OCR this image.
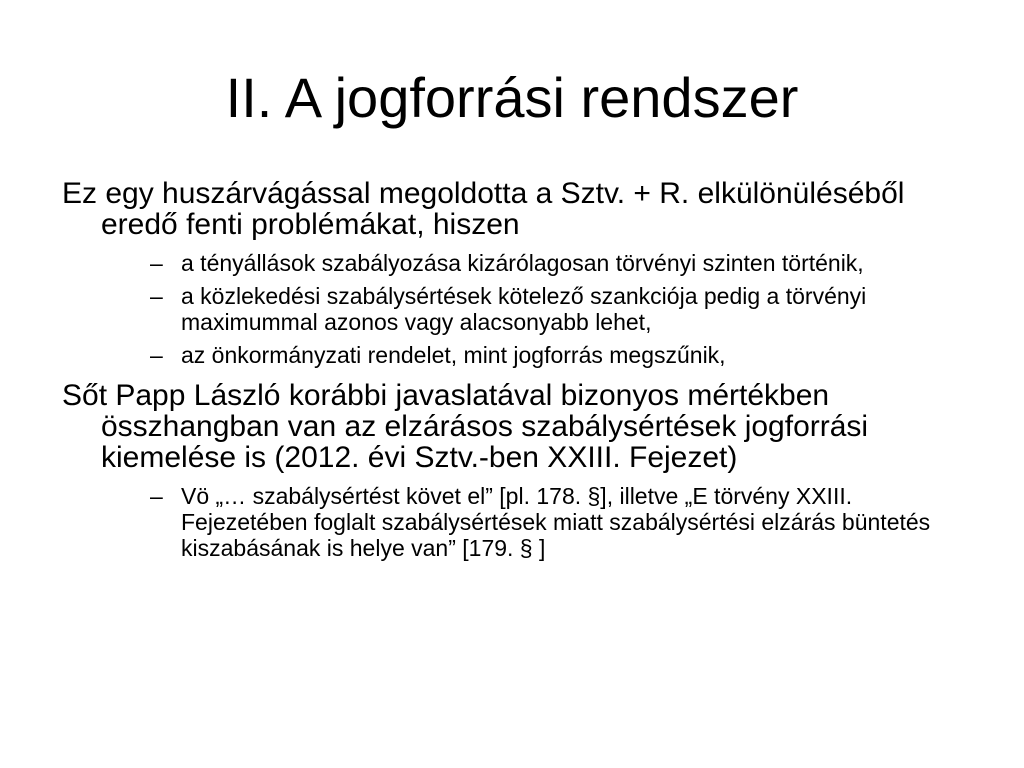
II. A jogforrási rendszer
Ez egy huszárvágással megoldotta a Sztv. + R. elkülönüléséből eredő fenti problémákat, hiszen
– a tényállások szabályozása kizárólagosan törvényi szinten történik,
– a közlekedési szabálysértések kötelező szankciója pedig a törvényi maximummal azonos vagy alacsonyabb lehet,
– az önkormányzati rendelet, mint jogforrás megszűnik,
Sőt Papp László korábbi javaslatával bizonyos mértékben összhangban van az elzárásos szabálysértések jogforrási kiemelése is (2012. évi Sztv.-ben XXIII. Fejezet)
– Vö „… szabálysértést követ el” [pl. 178. §], illetve „E törvény XXIII. Fejezetében foglalt szabálysértések miatt szabálysértési elzárás büntetés kiszabásának is helye van” [179. § ]
